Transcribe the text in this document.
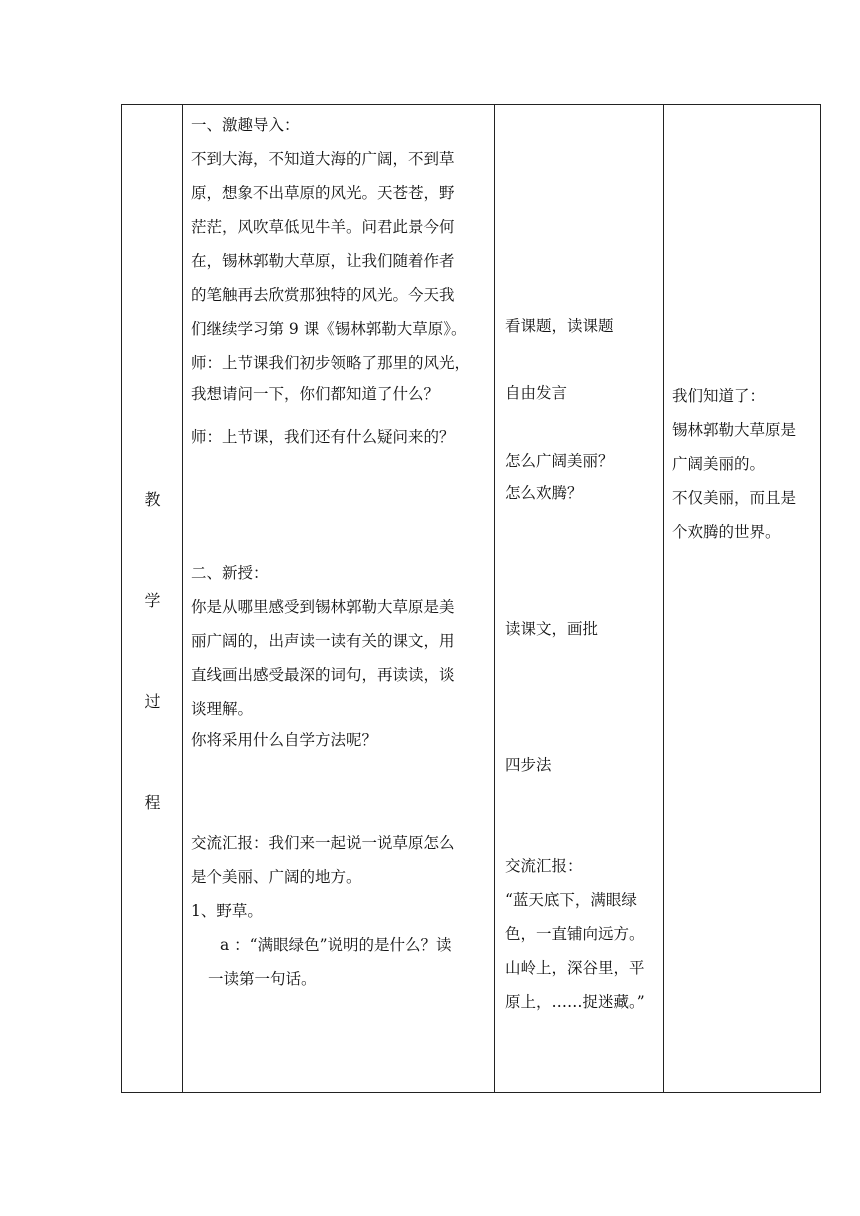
教
学
过
程
一、激趣导入：
不到大海，不知道大海的广阔，不到草
原，想象不出草原的风光。天苍苍，野
茫茫，风吹草低见牛羊。问君此景今何
在，锡林郭勒大草原，让我们随着作者
的笔触再去欣赏那独特的风光。今天我
们继续学习第 9 课《锡林郭勒大草原》。
师：上节课我们初步领略了那里的风光，
我想请问一下，你们都知道了什么？
师：上节课，我们还有什么疑问来的？
二、新授：
你是从哪里感受到锡林郭勒大草原是美
丽广阔的，出声读一读有关的课文，用
直线画出感受最深的词句，再读读，谈
谈理解。
你将采用什么自学方法呢？
交流汇报：我们来一起说一说草原怎么
是个美丽、广阔的地方。
1、野草。
a ：“满眼绿色”说明的是什么？读
一读第一句话。
看课题，读课题
自由发言
怎么广阔美丽？
怎么欢腾？
读课文，画批
四步法
交流汇报：
“蓝天底下，满眼绿
色，一直铺向远方。
山岭上，深谷里，平
原上，……捉迷藏。”
我们知道了：
锡林郭勒大草原是
广阔美丽的。
不仅美丽，而且是
个欢腾的世界。
